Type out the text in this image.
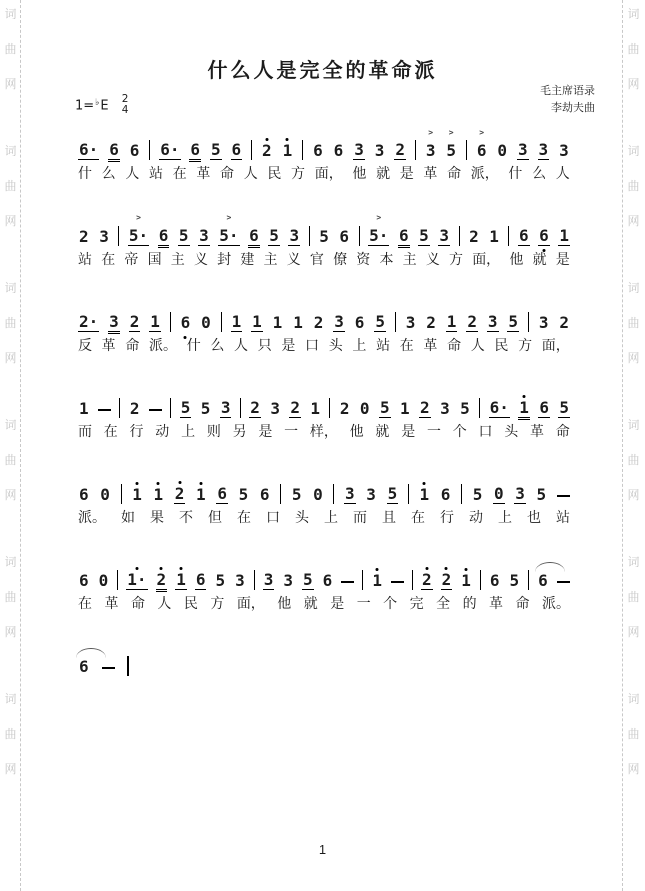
词
曲
网
词
曲
网
词
曲
网
词
曲
网
词
曲
网
词
曲
网
词
曲
网
词
曲
网
词
曲
网
词
曲
网
词
曲
网
词
曲
网
什么人是完全的革命派
毛主席语录
李劫夫曲
1=♭E 2
4
6· 6 6 6· 6 5 6 2 1 6 6 3 3 2 3
>
5
>
6
>
0 3 3 3
什 么 人 站 在 革 命 人 民 方 面， 他 就 是 革 命 派， 什 么 人
2 3 5·
>
6 5 3 5·
>
6 5 3 5 6 5·
>
6 5 3 2 1 6 6 1
站 在 帝 国 主 义 封 建 主 义 官 僚 资 本 主 义 方 面， 他 就 是
2· 3 2 1 6 0 1 1 1 1 2 3 6 5 3 2 1 2 3 5 3 2
反 革 命 派。 什 么 人 只 是 口 头 上 站 在 革 命 人 民 方 面，
1	2	5 5 3 2 3 2 1 2 0 5 1 2 3 5 6· 1 6 5
而 在 行 动 上 则 另 是 一 样， 他 就 是 一 个 口 头 革 命
6 0 1 1 2 1 6 5 6 5 0 3 3 5 1 6 5 0 3 5
派。 如 果 不 但 在 口 头 上 而 且 在 行 动 上 也 站
6 0 1· 2 1 6 5 3 3 3 5 6	1	2 2 1 6 5 6
在 革 命 人 民 方 面， 他 就 是 一 个 完 全 的 革 命 派。
6
1
